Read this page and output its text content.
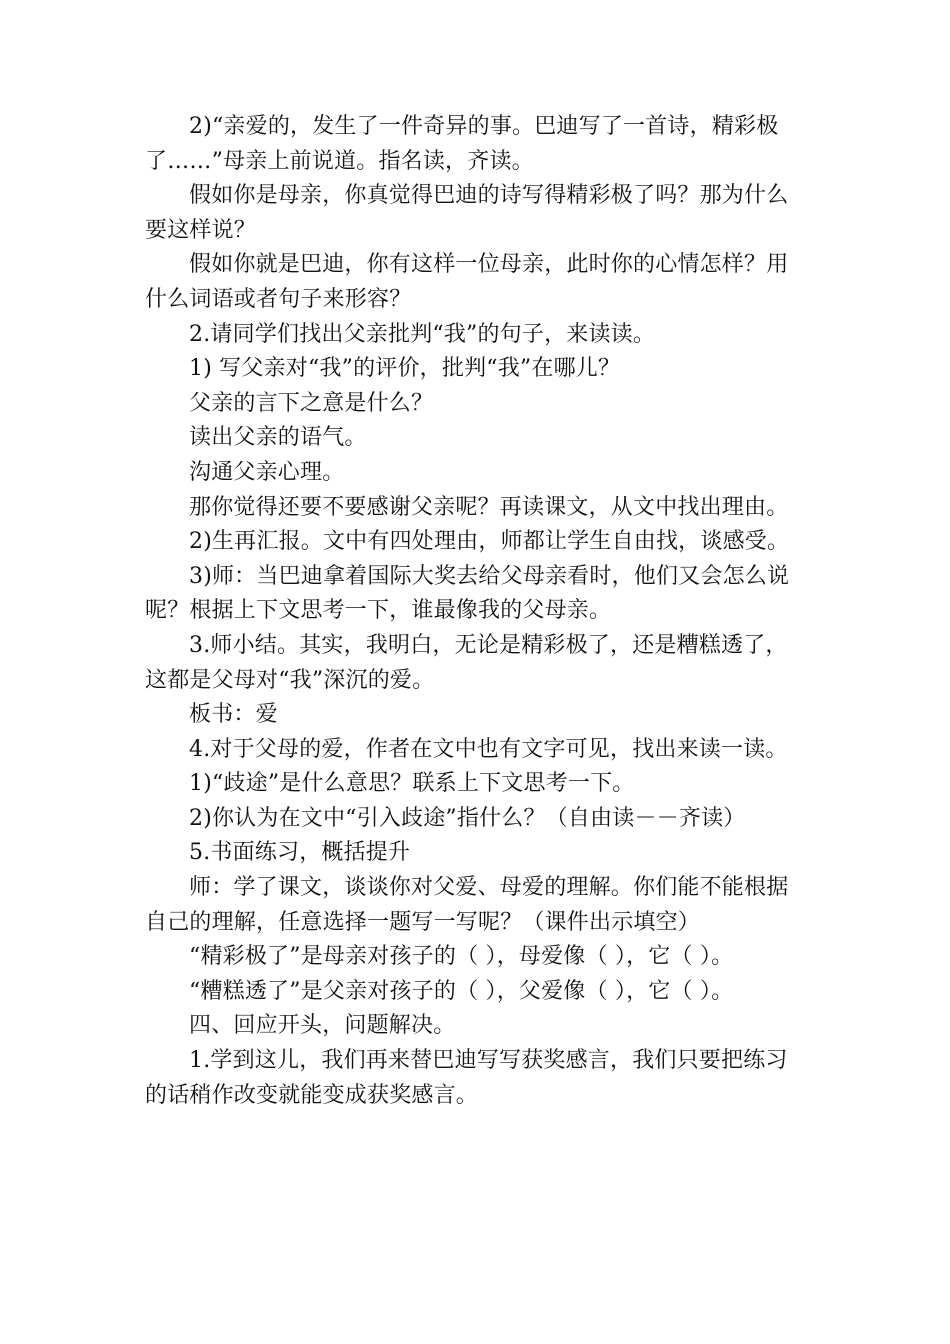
2)“亲爱的，发生了一件奇异的事。巴迪写了一首诗，精彩极了……”母亲上前说道。指名读，齐读。

假如你是母亲，你真觉得巴迪的诗写得精彩极了吗？那为什么要这样说？

假如你就是巴迪，你有这样一位母亲，此时你的心情怎样？用什么词语或者句子来形容？

2.请同学们找出父亲批判“我”的句子，来读读。

1) 写父亲对“我”的评价，批判“我”在哪儿？

父亲的言下之意是什么？

读出父亲的语气。

沟通父亲心理。

那你觉得还要不要感谢父亲呢？再读课文，从文中找出理由。

2)生再汇报。文中有四处理由，师都让学生自由找，谈感受。

3)师：当巴迪拿着国际大奖去给父母亲看时，他们又会怎么说呢？根据上下文思考一下，谁最像我的父母亲。

3.师小结。其实，我明白，无论是精彩极了，还是糟糕透了，这都是父母对“我”深沉的爱。

板书：爱

4.对于父母的爱，作者在文中也有文字可见，找出来读一读。

1)“歧途”是什么意思？联系上下文思考一下。

2)你认为在文中“引入歧途”指什么？（自由读－－齐读）

5.书面练习，概括提升

师：学了课文，谈谈你对父爱、母爱的理解。你们能不能根据自己的理解，任意选择一题写一写呢？（课件出示填空）

“精彩极了”是母亲对孩子的（ ），母爱像（ ），它（ ）。

“糟糕透了”是父亲对孩子的（ ），父爱像（ ），它（ ）。

四、回应开头，问题解决。

1.学到这儿，我们再来替巴迪写写获奖感言，我们只要把练习的话稍作改变就能变成获奖感言。
